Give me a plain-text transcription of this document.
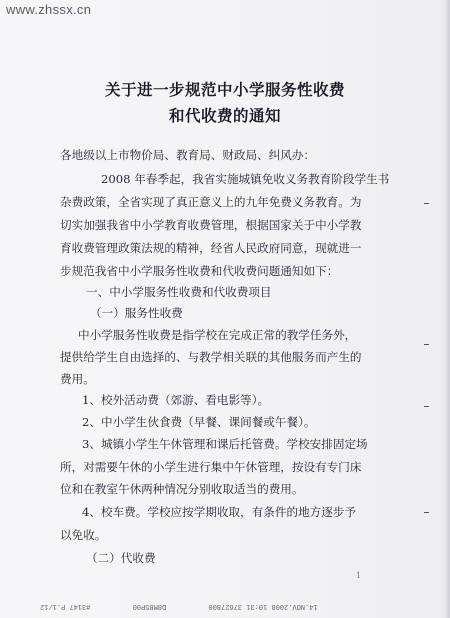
www.zhssx.cn
关于进一步规范中小学服务性收费
和代收费的通知
各地级以上市物价局、教育局、财政局、纠风办：
2008 年春季起，我省实施城镇免收义务教育阶段学生书
杂费政策，全省实现了真正意义上的九年免费义务教育。为
切实加强我省中小学教育收费管理，根据国家关于中小学教
育收费管理政策法规的精神，经省人民政府同意，现就进一
步规范我省中小学服务性收费和代收费问题通知如下：
一、中小学服务性收费和代收费项目
（一）服务性收费
中小学服务性收费是指学校在完成正常的教学任务外，
提供给学生自由选择的、与教学相关联的其他服务而产生的
费用。
1、校外活动费（郊游、看电影等）。
2、中小学生伙食费（早餐、课间餐或午餐）。
3、城镇小学生午休管理和课后托管费。学校安排固定场
所，对需要午休的小学生进行集中午休管理，按设有专门床
位和在教室午休两种情况分别收取适当的费用。
4、校车费。学校应按学期收取，有条件的地方逐步予
以免收。
（二）代收费
1
14.NOV.2008 10:31 37627800 D8M85P00 #3147 P.1/12
